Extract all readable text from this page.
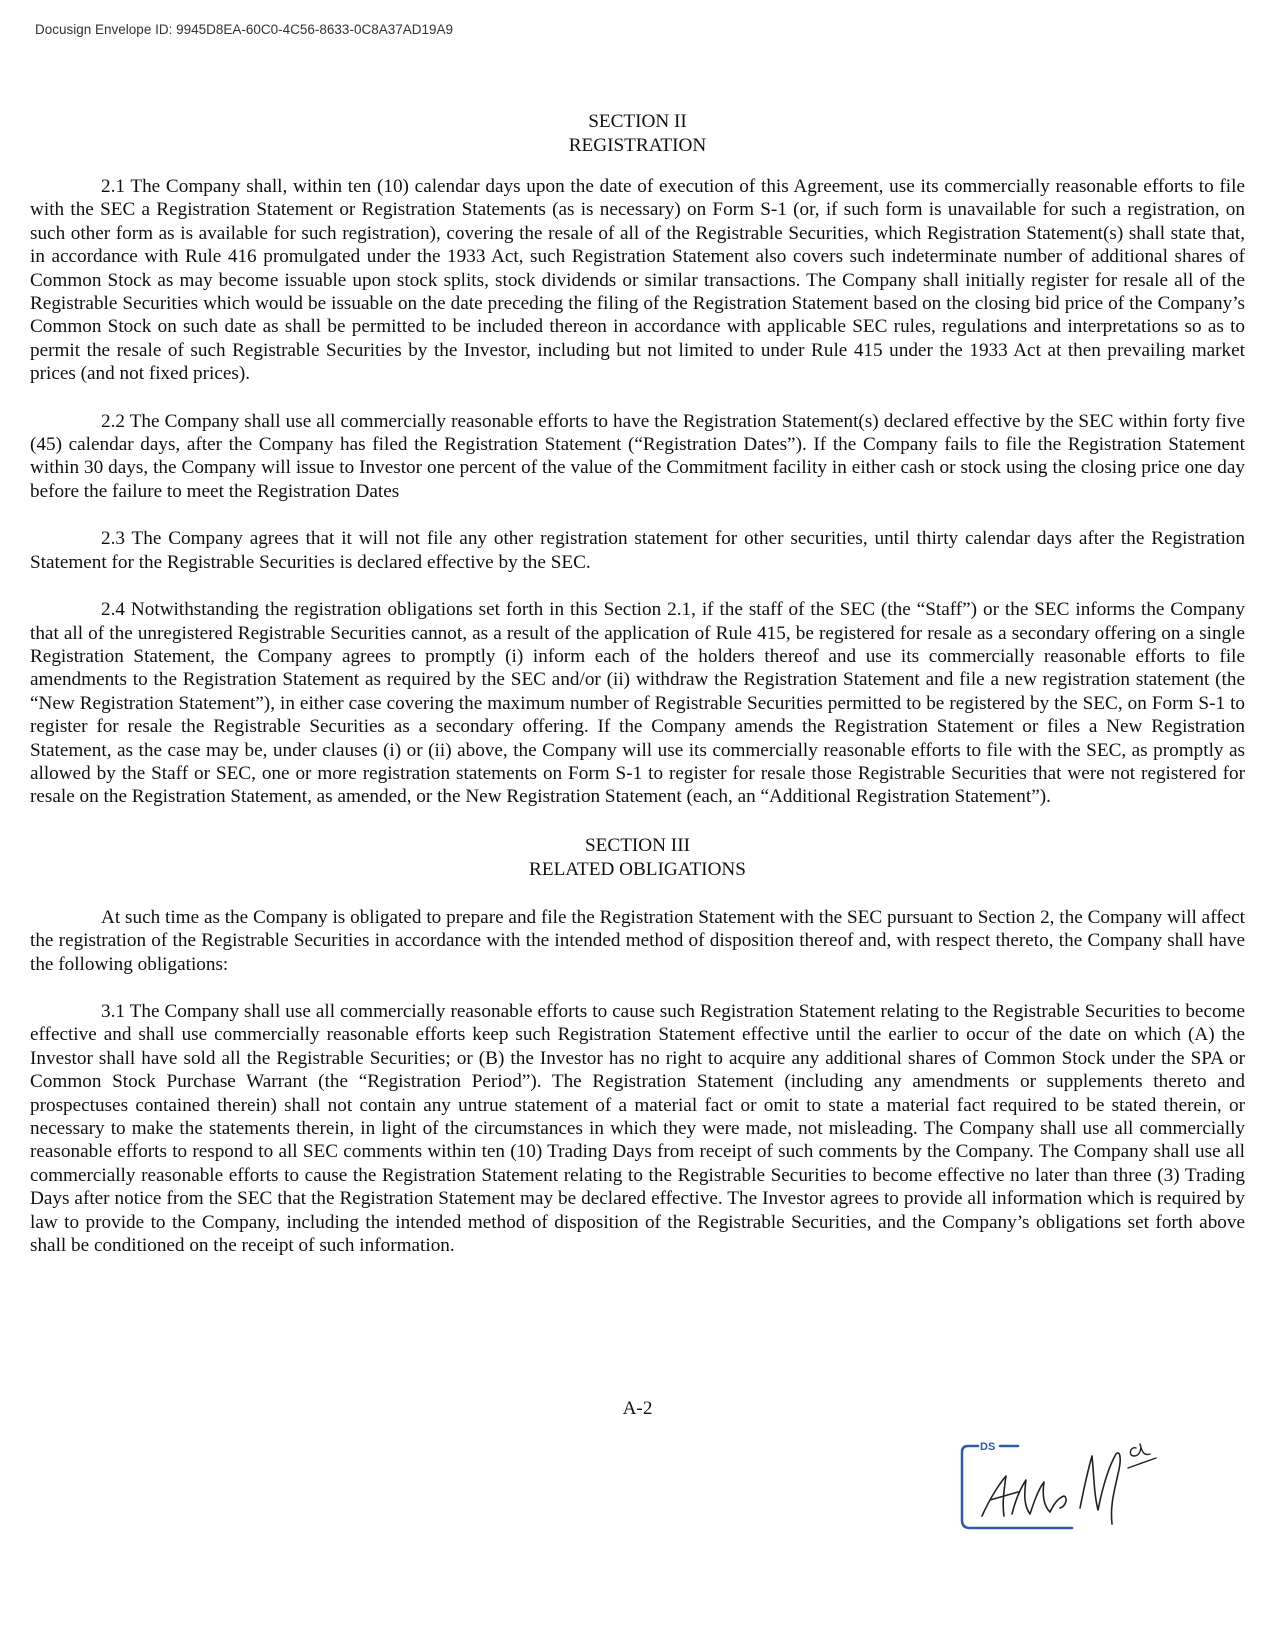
Docusign Envelope ID: 9945D8EA-60C0-4C56-8633-0C8A37AD19A9
SECTION II
REGISTRATION

2.1 The Company shall, within ten (10) calendar days upon the date of execution of this Agreement, use its commercially reasonable efforts to file with the SEC a Registration Statement or Registration Statements (as is necessary) on Form S-1 (or, if such form is unavailable for such a registration, on such other form as is available for such registration), covering the resale of all of the Registrable Securities, which Registration Statement(s) shall state that, in accordance with Rule 416 promulgated under the 1933 Act, such Registration Statement also covers such indeterminate number of additional shares of Common Stock as may become issuable upon stock splits, stock dividends or similar transactions. The Company shall initially register for resale all of the Registrable Securities which would be issuable on the date preceding the filing of the Registration Statement based on the closing bid price of the Company’s Common Stock on such date as shall be permitted to be included thereon in accordance with applicable SEC rules, regulations and interpretations so as to permit the resale of such Registrable Securities by the Investor, including but not limited to under Rule 415 under the 1933 Act at then prevailing market prices (and not fixed prices).

2.2 The Company shall use all commercially reasonable efforts to have the Registration Statement(s) declared effective by the SEC within forty five (45) calendar days, after the Company has filed the Registration Statement (“Registration Dates”). If the Company fails to file the Registration Statement within 30 days, the Company will issue to Investor one percent of the value of the Commitment facility in either cash or stock using the closing price one day before the failure to meet the Registration Dates

2.3 The Company agrees that it will not file any other registration statement for other securities, until thirty calendar days after the Registration Statement for the Registrable Securities is declared effective by the SEC.

2.4 Notwithstanding the registration obligations set forth in this Section 2.1, if the staff of the SEC (the “Staff”) or the SEC informs the Company that all of the unregistered Registrable Securities cannot, as a result of the application of Rule 415, be registered for resale as a secondary offering on a single Registration Statement, the Company agrees to promptly (i) inform each of the holders thereof and use its commercially reasonable efforts to file amendments to the Registration Statement as required by the SEC and/or (ii) withdraw the Registration Statement and file a new registration statement (the “New Registration Statement”), in either case covering the maximum number of Registrable Securities permitted to be registered by the SEC, on Form S-1 to register for resale the Registrable Securities as a secondary offering. If the Company amends the Registration Statement or files a New Registration Statement, as the case may be, under clauses (i) or (ii) above, the Company will use its commercially reasonable efforts to file with the SEC, as promptly as allowed by the Staff or SEC, one or more registration statements on Form S-1 to register for resale those Registrable Securities that were not registered for resale on the Registration Statement, as amended, or the New Registration Statement (each, an “Additional Registration Statement”).

SECTION III
RELATED OBLIGATIONS

At such time as the Company is obligated to prepare and file the Registration Statement with the SEC pursuant to Section 2, the Company will affect the registration of the Registrable Securities in accordance with the intended method of disposition thereof and, with respect thereto, the Company shall have the following obligations:

3.1 The Company shall use all commercially reasonable efforts to cause such Registration Statement relating to the Registrable Securities to become effective and shall use commercially reasonable efforts keep such Registration Statement effective until the earlier to occur of the date on which (A) the Investor shall have sold all the Registrable Securities; or (B) the Investor has no right to acquire any additional shares of Common Stock under the SPA or Common Stock Purchase Warrant (the “Registration Period”). The Registration Statement (including any amendments or supplements thereto and prospectuses contained therein) shall not contain any untrue statement of a material fact or omit to state a material fact required to be stated therein, or necessary to make the statements therein, in light of the circumstances in which they were made, not misleading. The Company shall use all commercially reasonable efforts to respond to all SEC comments within ten (10) Trading Days from receipt of such comments by the Company. The Company shall use all commercially reasonable efforts to cause the Registration Statement relating to the Registrable Securities to become effective no later than three (3) Trading Days after notice from the SEC that the Registration Statement may be declared effective. The Investor agrees to provide all information which is required by law to provide to the Company, including the intended method of disposition of the Registrable Securities, and the Company’s obligations set forth above shall be conditioned on the receipt of such information.

A-2
DS
